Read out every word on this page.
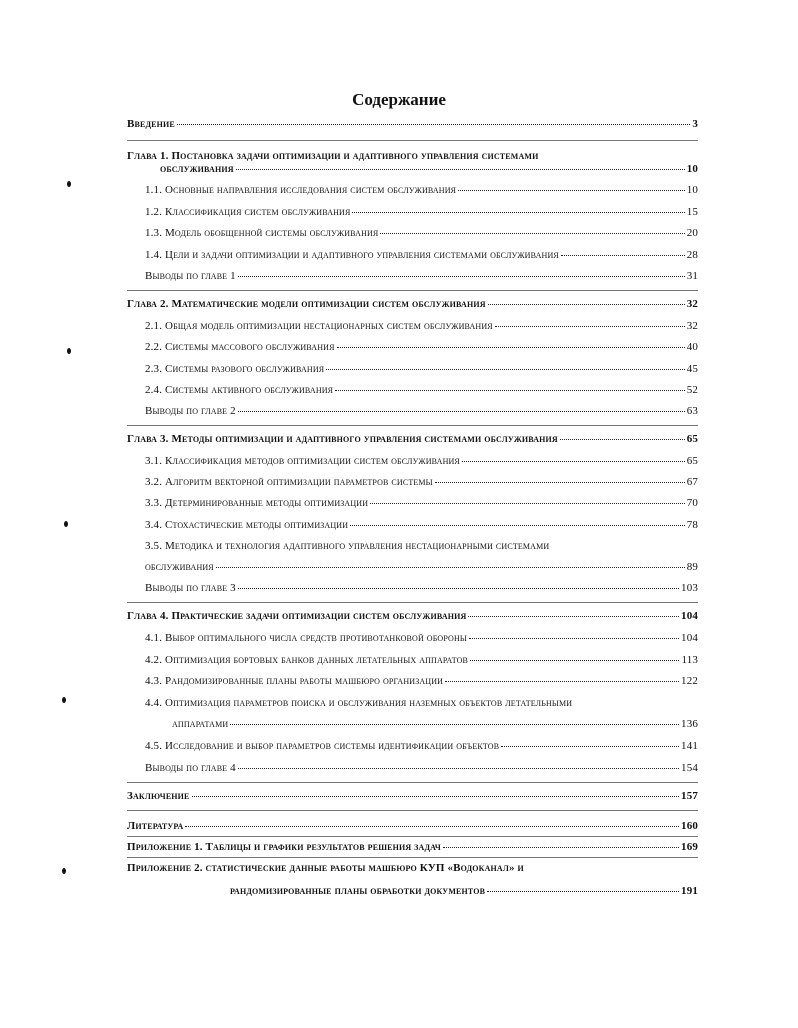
Содержание
Введение	3
Глава 1. Постановка задачи оптимизации и адаптивного управления системами
обслуживания	10
1.1. Основные направления исследования систем обслуживания	10
1.2. Классификация систем обслуживания	15
1.3. Модель обобщенной системы обслуживания	20
1.4. Цели и задачи оптимизации и адаптивного управления системами обслуживания	28
Выводы по главе 1	31
Глава 2. Математические модели оптимизации систем обслуживания	32
2.1. Общая модель оптимизации нестационарных систем обслуживания	32
2.2. Системы массового обслуживания	40
2.3. Системы разового обслуживания	45
2.4. Системы активного обслуживания	52
Выводы по главе 2	63
Глава 3. Методы оптимизации и адаптивного управления системами обслуживания	65
3.1. Классификация методов оптимизации систем обслуживания	65
3.2. Алгоритм векторной оптимизации параметров системы	67
3.3. Детерминированные методы оптимизации	70
3.4. Стохастические методы оптимизации	78
3.5. Методика и технология адаптивного управления нестационарными системами
обслуживания	89
Выводы по главе 3	103
Глава 4. Практические задачи оптимизации систем обслуживания	104
4.1. Выбор оптимального числа средств противотанковой обороны	104
4.2. Оптимизация бортовых банков данных летательных аппаратов	113
4.3. Рандомизированные планы работы машбюро организации	122
4.4. Оптимизация параметров поиска и обслуживания наземных объектов летательными
аппаратами	136
4.5. Исследование и выбор параметров системы идентификации объектов	141
Выводы по главе 4	154
Заключение	157
Литература	160
Приложение 1. Таблицы и графики результатов решения задач	169
Приложение 2. статистические данные работы машбюро КУП «Водоканал» и
рандомизированные планы обработки документов	191
